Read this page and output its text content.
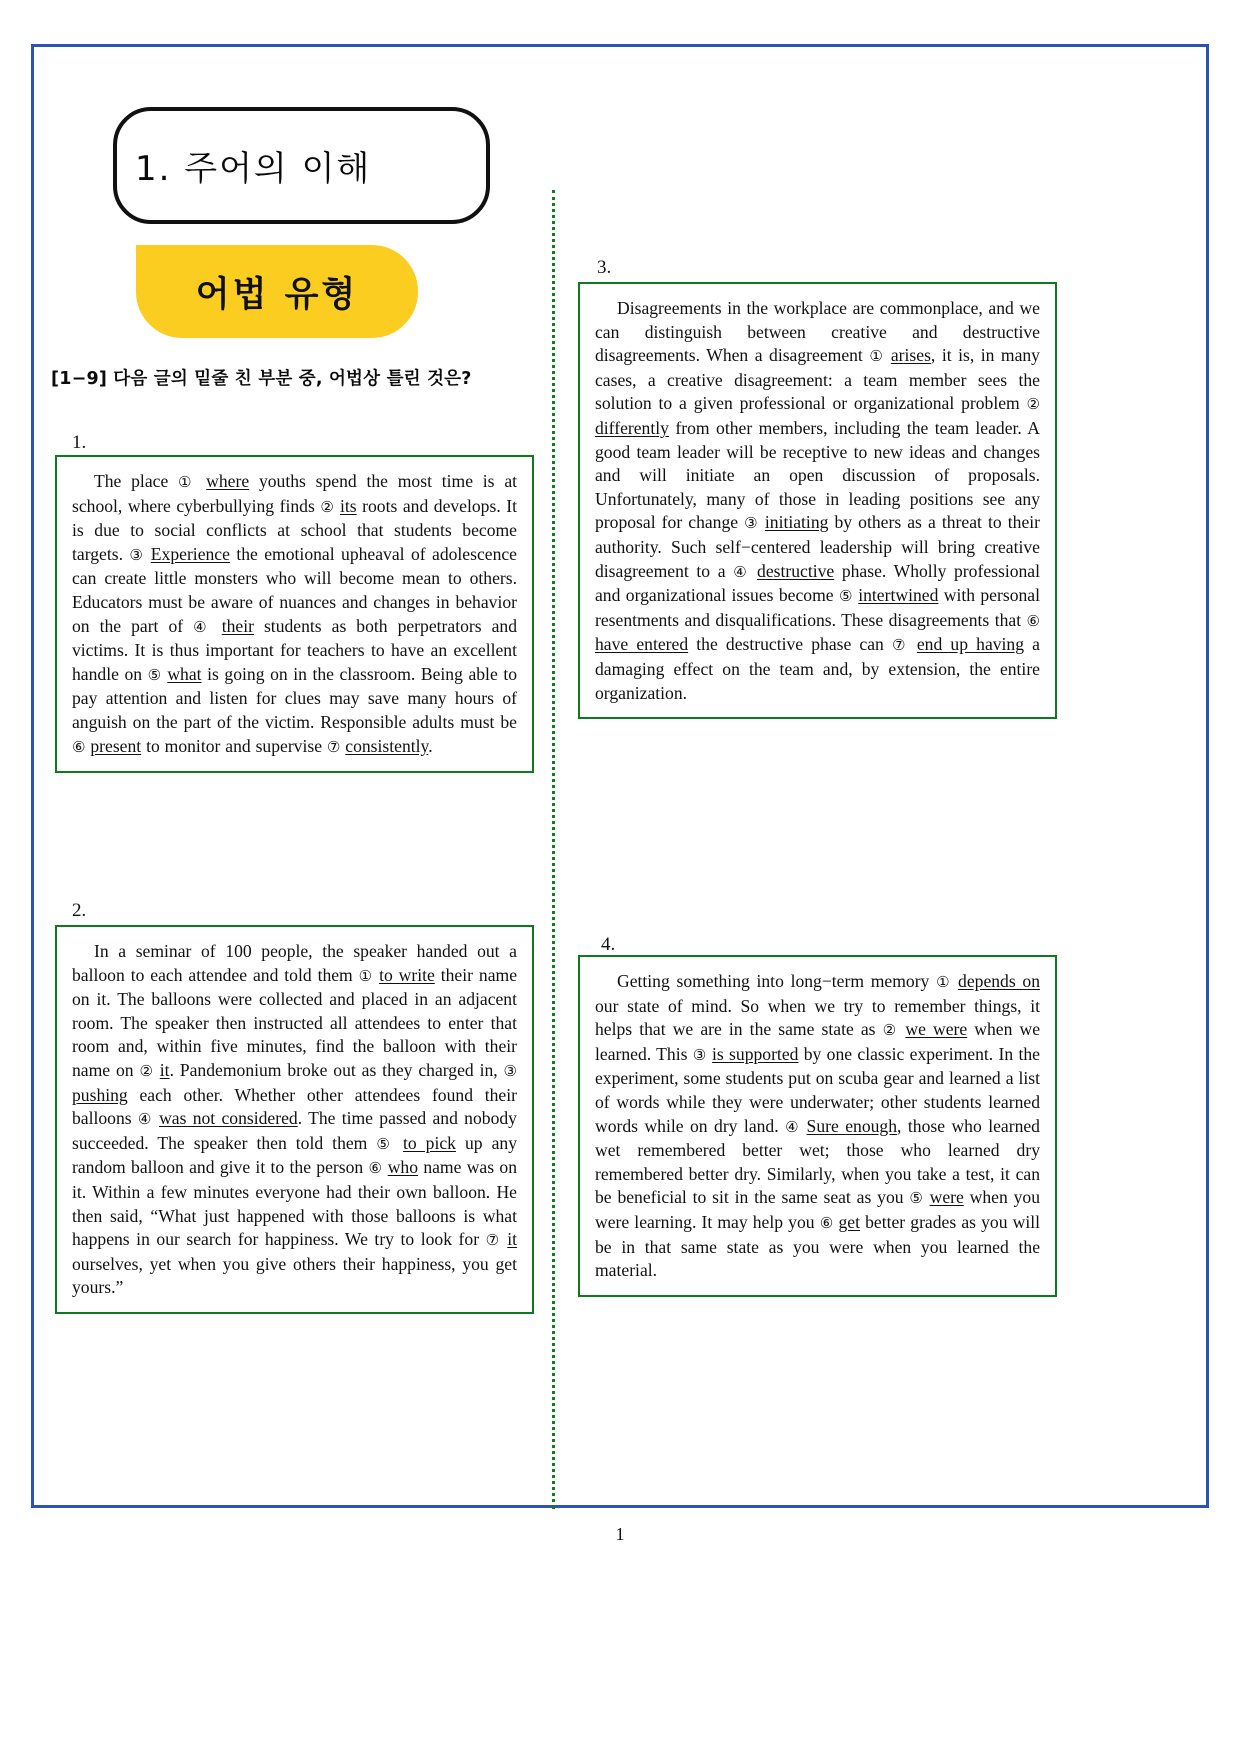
1. 주어의 이해
어법 유형
[1−9] 다음 글의 밑줄 친 부분 중, 어법상 틀린 것은?
1.

The place ① where youths spend the most time is at school, where cyberbullying finds ② its roots and develops. It is due to social conflicts at school that students become targets. ③ Experience the emotional upheaval of adolescence can create little monsters who will become mean to others. Educators must be aware of nuances and changes in behavior on the part of ④ their students as both perpetrators and victims. It is thus important for teachers to have an excellent handle on ⑤ what is going on in the classroom. Being able to pay attention and listen for clues may save many hours of anguish on the part of the victim. Responsible adults must be ⑥ present to monitor and supervise ⑦ consistently.

2.

In a seminar of 100 people, the speaker handed out a balloon to each attendee and told them ① to write their name on it. The balloons were collected and placed in an adjacent room. The speaker then instructed all attendees to enter that room and, within five minutes, find the balloon with their name on ② it. Pandemonium broke out as they charged in, ③ pushing each other. Whether other attendees found their balloons ④ was not considered. The time passed and nobody succeeded. The speaker then told them ⑤ to pick up any random balloon and give it to the person ⑥ who name was on it. Within a few minutes everyone had their own balloon. He then said, “What just happened with those balloons is what happens in our search for happiness. We try to look for ⑦ it ourselves, yet when you give others their happiness, you get yours.”

3.

Disagreements in the workplace are commonplace, and we can distinguish between creative and destructive disagreements. When a disagreement ① arises, it is, in many cases, a creative disagreement: a team member sees the solution to a given professional or organizational problem ② differently from other members, including the team leader. A good team leader will be receptive to new ideas and changes and will initiate an open discussion of proposals. Unfortunately, many of those in leading positions see any proposal for change ③ initiating by others as a threat to their authority. Such self−centered leadership will bring creative disagreement to a ④ destructive phase. Wholly professional and organizational issues become ⑤ intertwined with personal resentments and disqualifications. These disagreements that ⑥ have entered the destructive phase can ⑦ end up having a damaging effect on the team and, by extension, the entire organization.

4.

Getting something into long−term memory ① depends on our state of mind. So when we try to remember things, it helps that we are in the same state as ② we were when we learned. This ③ is supported by one classic experiment. In the experiment, some students put on scuba gear and learned a list of words while they were underwater; other students learned words while on dry land. ④ Sure enough, those who learned wet remembered better wet; those who learned dry remembered better dry. Similarly, when you take a test, it can be beneficial to sit in the same seat as you ⑤ were when you were learning. It may help you ⑥ get better grades as you will be in that same state as you were when you learned the material.

1
